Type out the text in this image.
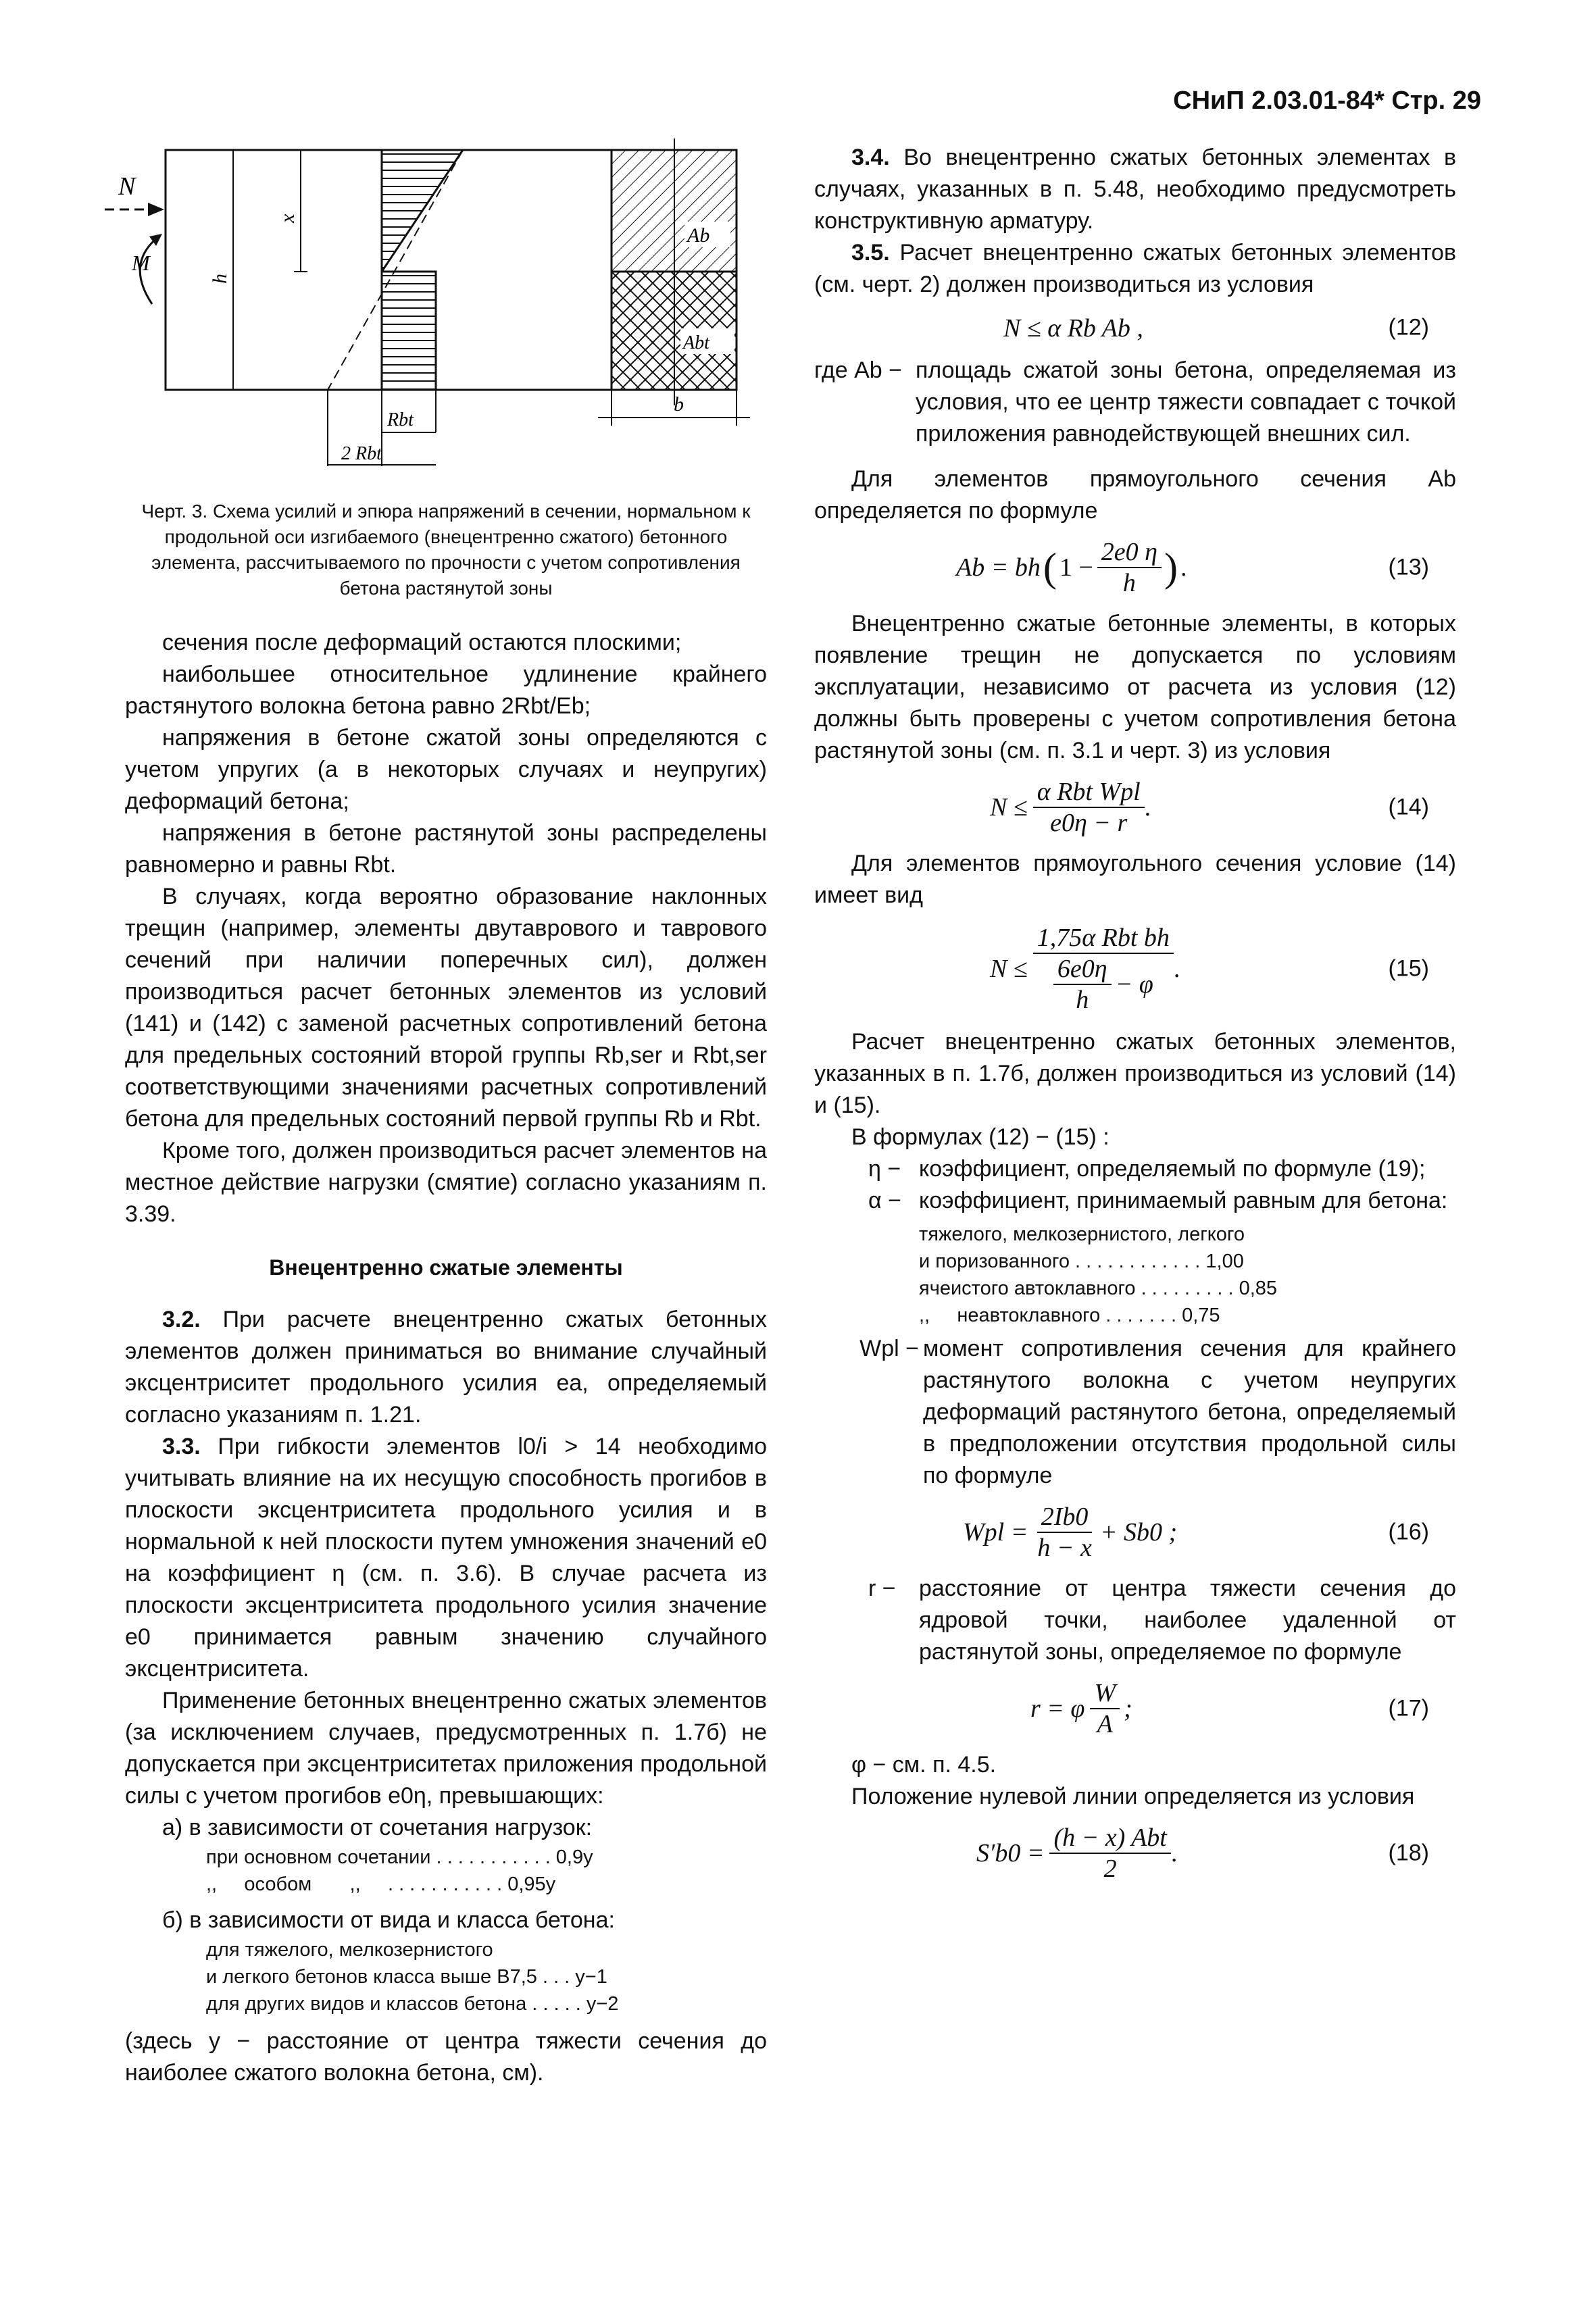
СНиП 2.03.01-84* Стр. 29
N
M
h
x
Rbt
2 Rbt
Ab
Abt
b
Черт. 3. Схема усилий и эпюра напряжений в сечении, нормальном к продольной оси изгибаемого (внецентренно сжатого) бетонного элемента, рассчитываемого по прочности с учетом сопротивления бетона растянутой зоны

сечения после деформаций остаются плоскими;

наибольшее относительное удлинение крайнего растянутого волокна бетона равно 2Rbt/Eb;

напряжения в бетоне сжатой зоны определяются с учетом упругих (а в некоторых случаях и неупругих) деформаций бетона;

напряжения в бетоне растянутой зоны распределены равномерно и равны Rbt.

В случаях, когда вероятно образование наклонных трещин (например, элементы двутаврового и таврового сечений при наличии поперечных сил), должен производиться расчет бетонных элементов из условий (141) и (142) с заменой расчетных сопротивлений бетона для предельных состояний второй группы Rb,ser и Rbt,ser соответствующими значениями расчетных сопротивлений бетона для предельных состояний первой группы Rb и Rbt.

Кроме того, должен производиться расчет элементов на местное действие нагрузки (смятие) согласно указаниям п. 3.39.

Внецентренно сжатые элементы

3.2. При расчете внецентренно сжатых бетонных элементов должен приниматься во внимание случайный эксцентриситет продольного усилия ea, определяемый согласно указаниям п. 1.21.

3.3. При гибкости элементов l0/i > 14 необходимо учитывать влияние на их несущую способность прогибов в плоскости эксцентриситета продольного усилия и в нормальной к ней плоскости путем умножения значений e0 на коэффициент η (см. п. 3.6). В случае расчета из плоскости эксцентриситета продольного усилия значение e0 принимается равным значению случайного эксцентриситета.

Применение бетонных внецентренно сжатых элементов (за исключением случаев, предусмотренных п. 1.7б) не допускается при эксцентриситетах приложения продольной силы с учетом прогибов e0η, превышающих:

а) в зависимости от сочетания нагрузок:

при основном сочетании . . . . . . . . . . . 0,9y
,,     особом       ,,     . . . . . . . . . . . 0,95y

б) в зависимости от вида и класса бетона:

для тяжелого, мелкозернистого
и легкого бетонов класса выше B7,5 . . . y−1
для других видов и классов бетона . . . . . y−2

(здесь y − расстояние от центра тяжести сечения до наиболее сжатого волокна бетона, см).

3.4. Во внецентренно сжатых бетонных элементах в случаях, указанных в п. 5.48, необходимо предусмотреть конструктивную арматуру.

3.5. Расчет внецентренно сжатых бетонных элементов (см. черт. 2) должен производиться из условия

N ≤ α Rb Ab ,	(12)
где Ab − площадь сжатой зоны бетона, определяемая из условия, что ее центр тяжести совпадает с точкой приложения равнодействующей внешних сил.

Для элементов прямоугольного сечения Ab определяется по формуле

Ab = bh ( $1 - \frac{2e0 \eta}{h}$ ) .	(13)

Внецентренно сжатые бетонные элементы, в которых появление трещин не допускается по условиям эксплуатации, независимо от расчета из условия (12) должны быть проверены с учетом сопротивления бетона растянутой зоны (см. п. 3.1 и черт. 3) из условия

$N \le \frac{\text{α Rbt Wpl}}{e0\eta - r}$ .	(14)

Для элементов прямоугольного сечения условие (14) имеет вид

$N \le \frac{\text{1,75α Rbt bh}}{\frac{6e0\eta}{h} - \varphi}$ .	(15)

Расчет внецентренно сжатых бетонных элементов, указанных в п. 1.7б, должен производиться из условий (14) и (15).

В формулах (12) − (15) :

η − коэффициент, определяемый по формуле (19);
α − коэффициент, принимаемый равным для бетона:
тяжелого, мелкозернистого, легкого
и поризованного . . . . . . . . . . . . 1,00
ячеистого автоклавного . . . . . . . . . 0,85
,,     неавтоклавного . . . . . . . 0,75
Wpl − момент сопротивления сечения для крайнего растянутого волокна с учетом неупругих деформаций растянутого бетона, определяемый в предположении отсутствия продольной силы по формуле
Wpl = $\frac{2Ib0}{h - x} + Sb0$ ;	(16)
r −	расстояние от центра тяжести сечения до ядровой точки, наиболее удаленной от растянутой зоны, определяемое по формуле
r = φ $\frac{W}{A}$ ;	(17)

φ − см. п. 4.5.

Положение нулевой линии определяется из условия

$S'b0 = \frac{\text{(h − x) Abt}}{2}$ .	(18)
